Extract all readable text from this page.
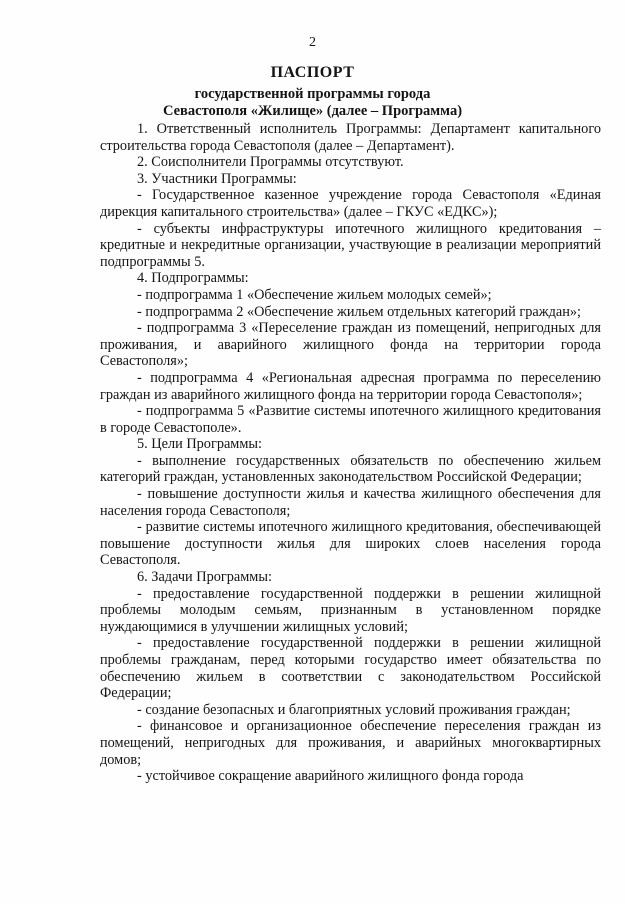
2
ПАСПОРТ
государственной программы города
Севастополя «Жилище» (далее – Программа)

1. Ответственный исполнитель Программы: Департамент капитального строительства города Севастополя (далее – Департамент).

2. Соисполнители Программы отсутствуют.

3. Участники Программы:

- Государственное казенное учреждение города Севастополя «Единая дирекция капитального строительства» (далее – ГКУС «ЕДКС»);

- субъекты инфраструктуры ипотечного жилищного кредитования – кредитные и некредитные организации, участвующие в реализации мероприятий подпрограммы 5.

4. Подпрограммы:

- подпрограмма 1 «Обеспечение жильем молодых семей»;

- подпрограмма 2 «Обеспечение жильем отдельных категорий граждан»;

- подпрограмма 3 «Переселение граждан из помещений, непригодных для проживания, и аварийного жилищного фонда на территории города Севастополя»;

- подпрограмма 4 «Региональная адресная программа по переселению граждан из аварийного жилищного фонда на территории города Севастополя»;

- подпрограмма 5 «Развитие системы ипотечного жилищного кредитования в городе Севастополе».

5. Цели Программы:

- выполнение государственных обязательств по обеспечению жильем категорий граждан, установленных законодательством Российской Федерации;

- повышение доступности жилья и качества жилищного обеспечения для населения города Севастополя;

- развитие системы ипотечного жилищного кредитования, обеспечивающей повышение доступности жилья для широких слоев населения города Севастополя.

6. Задачи Программы:

- предоставление государственной поддержки в решении жилищной проблемы молодым семьям, признанным в установленном порядке нуждающимися в улучшении жилищных условий;

- предоставление государственной поддержки в решении жилищной проблемы гражданам, перед которыми государство имеет обязательства по обеспечению жильем в соответствии с законодательством Российской Федерации;

- создание безопасных и благоприятных условий проживания граждан;

- финансовое и организационное обеспечение переселения граждан из помещений, непригодных для проживания, и аварийных многоквартирных домов;

- устойчивое сокращение аварийного жилищного фонда города
